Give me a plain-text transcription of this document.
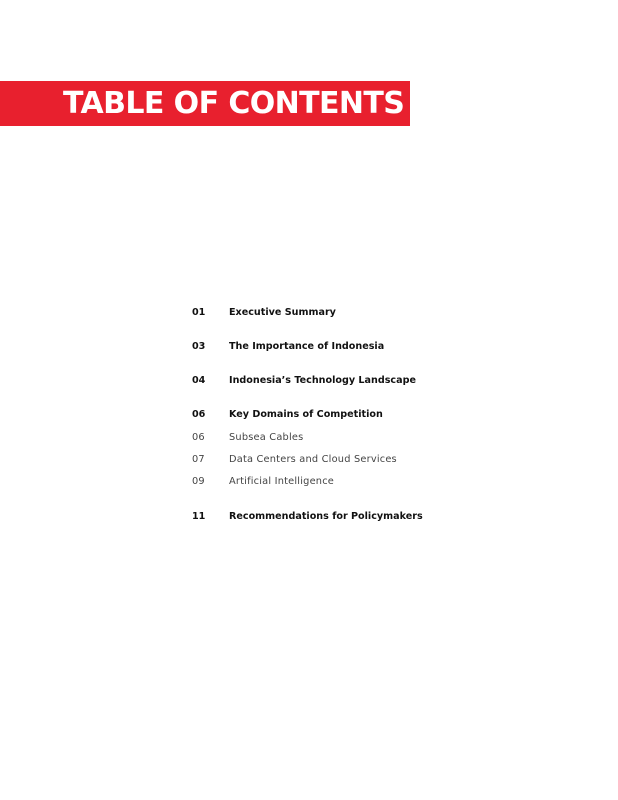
TABLE OF CONTENTS
01 Executive Summary
03 The Importance of Indonesia
04 Indonesia’s Technology Landscape
06 Key Domains of Competition
06 Subsea Cables
07 Data Centers and Cloud Services
09 Artificial Intelligence
11 Recommendations for Policymakers
